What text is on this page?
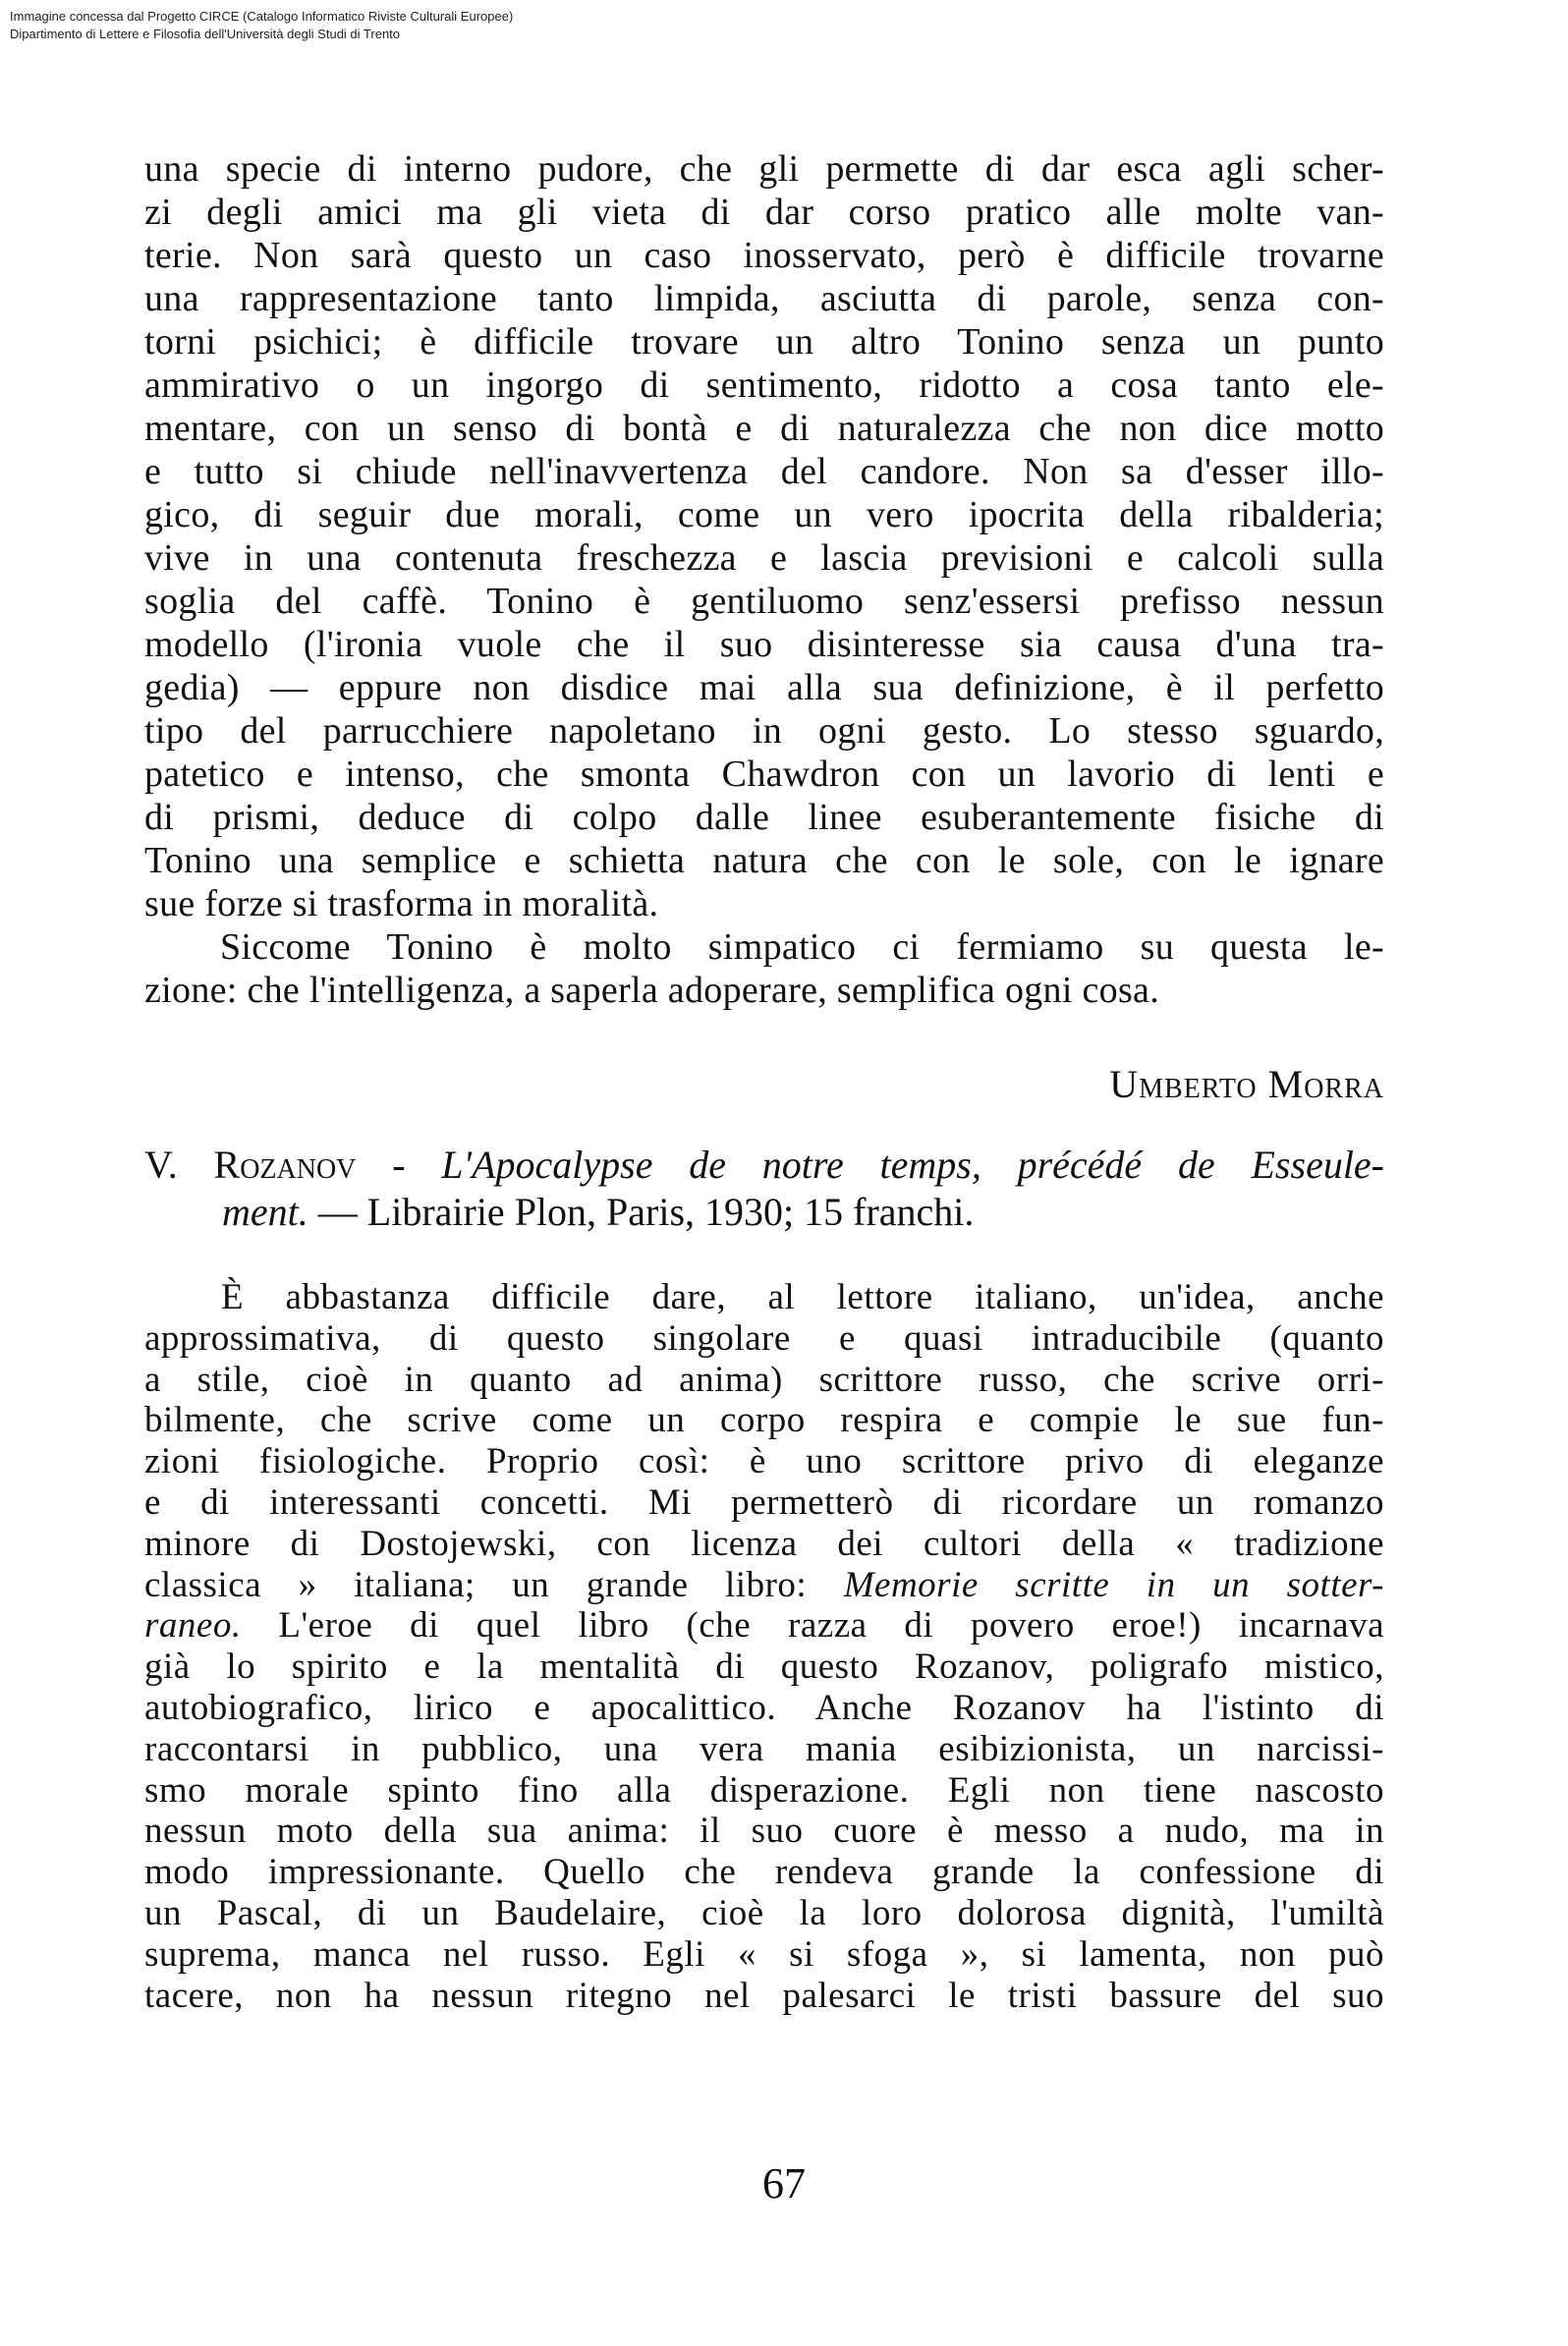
Immagine concessa dal Progetto CIRCE (Catalogo Informatico Riviste Culturali Europee)
Dipartimento di Lettere e Filosofia dell'Università degli Studi di Trento
una specie di interno pudore, che gli permette di dar esca agli scher-
zi degli amici ma gli vieta di dar corso pratico alle molte van-
terie. Non sarà questo un caso inosservato, però è difficile trovarne
una rappresentazione tanto limpida, asciutta di parole, senza con-
torni psichici; è difficile trovare un altro Tonino senza un punto
ammirativo o un ingorgo di sentimento, ridotto a cosa tanto ele-
mentare, con un senso di bontà e di naturalezza che non dice motto
e tutto si chiude nell'inavvertenza del candore. Non sa d'esser illo-
gico, di seguir due morali, come un vero ipocrita della ribalderia;
vive in una contenuta freschezza e lascia previsioni e calcoli sulla
soglia del caffè. Tonino è gentiluomo senz'essersi prefisso nessun
modello (l'ironia vuole che il suo disinteresse sia causa d'una tra-
gedia) — eppure non disdice mai alla sua definizione, è il perfetto
tipo del parrucchiere napoletano in ogni gesto. Lo stesso sguardo,
patetico e intenso, che smonta Chawdron con un lavorio di lenti e
di prismi, deduce di colpo dalle linee esuberantemente fisiche di
Tonino una semplice e schietta natura che con le sole, con le ignare
sue forze si trasforma in moralità.
Siccome Tonino è molto simpatico ci fermiamo su questa le-
zione: che l'intelligenza, a saperla adoperare, semplifica ogni cosa.
Umberto Morra
V. Rozanov - L'Apocalypse de notre temps, précédé de Esseule-
ment. — Librairie Plon, Paris, 1930; 15 franchi.
È abbastanza difficile dare, al lettore italiano, un'idea, anche
approssimativa, di questo singolare e quasi intraducibile (quanto
a stile, cioè in quanto ad anima) scrittore russo, che scrive orri-
bilmente, che scrive come un corpo respira e compie le sue fun-
zioni fisiologiche. Proprio così: è uno scrittore privo di eleganze
e di interessanti concetti. Mi permetterò di ricordare un romanzo
minore di Dostojewski, con licenza dei cultori della « tradizione
classica » italiana; un grande libro: Memorie scritte in un sotter-
raneo. L'eroe di quel libro (che razza di povero eroe!) incarnava
già lo spirito e la mentalità di questo Rozanov, poligrafo mistico,
autobiografico, lirico e apocalittico. Anche Rozanov ha l'istinto di
raccontarsi in pubblico, una vera mania esibizionista, un narcissi-
smo morale spinto fino alla disperazione. Egli non tiene nascosto
nessun moto della sua anima: il suo cuore è messo a nudo, ma in
modo impressionante. Quello che rendeva grande la confessione di
un Pascal, di un Baudelaire, cioè la loro dolorosa dignità, l'umiltà
suprema, manca nel russo. Egli « si sfoga », si lamenta, non può
tacere, non ha nessun ritegno nel palesarci le tristi bassure del suo
67
